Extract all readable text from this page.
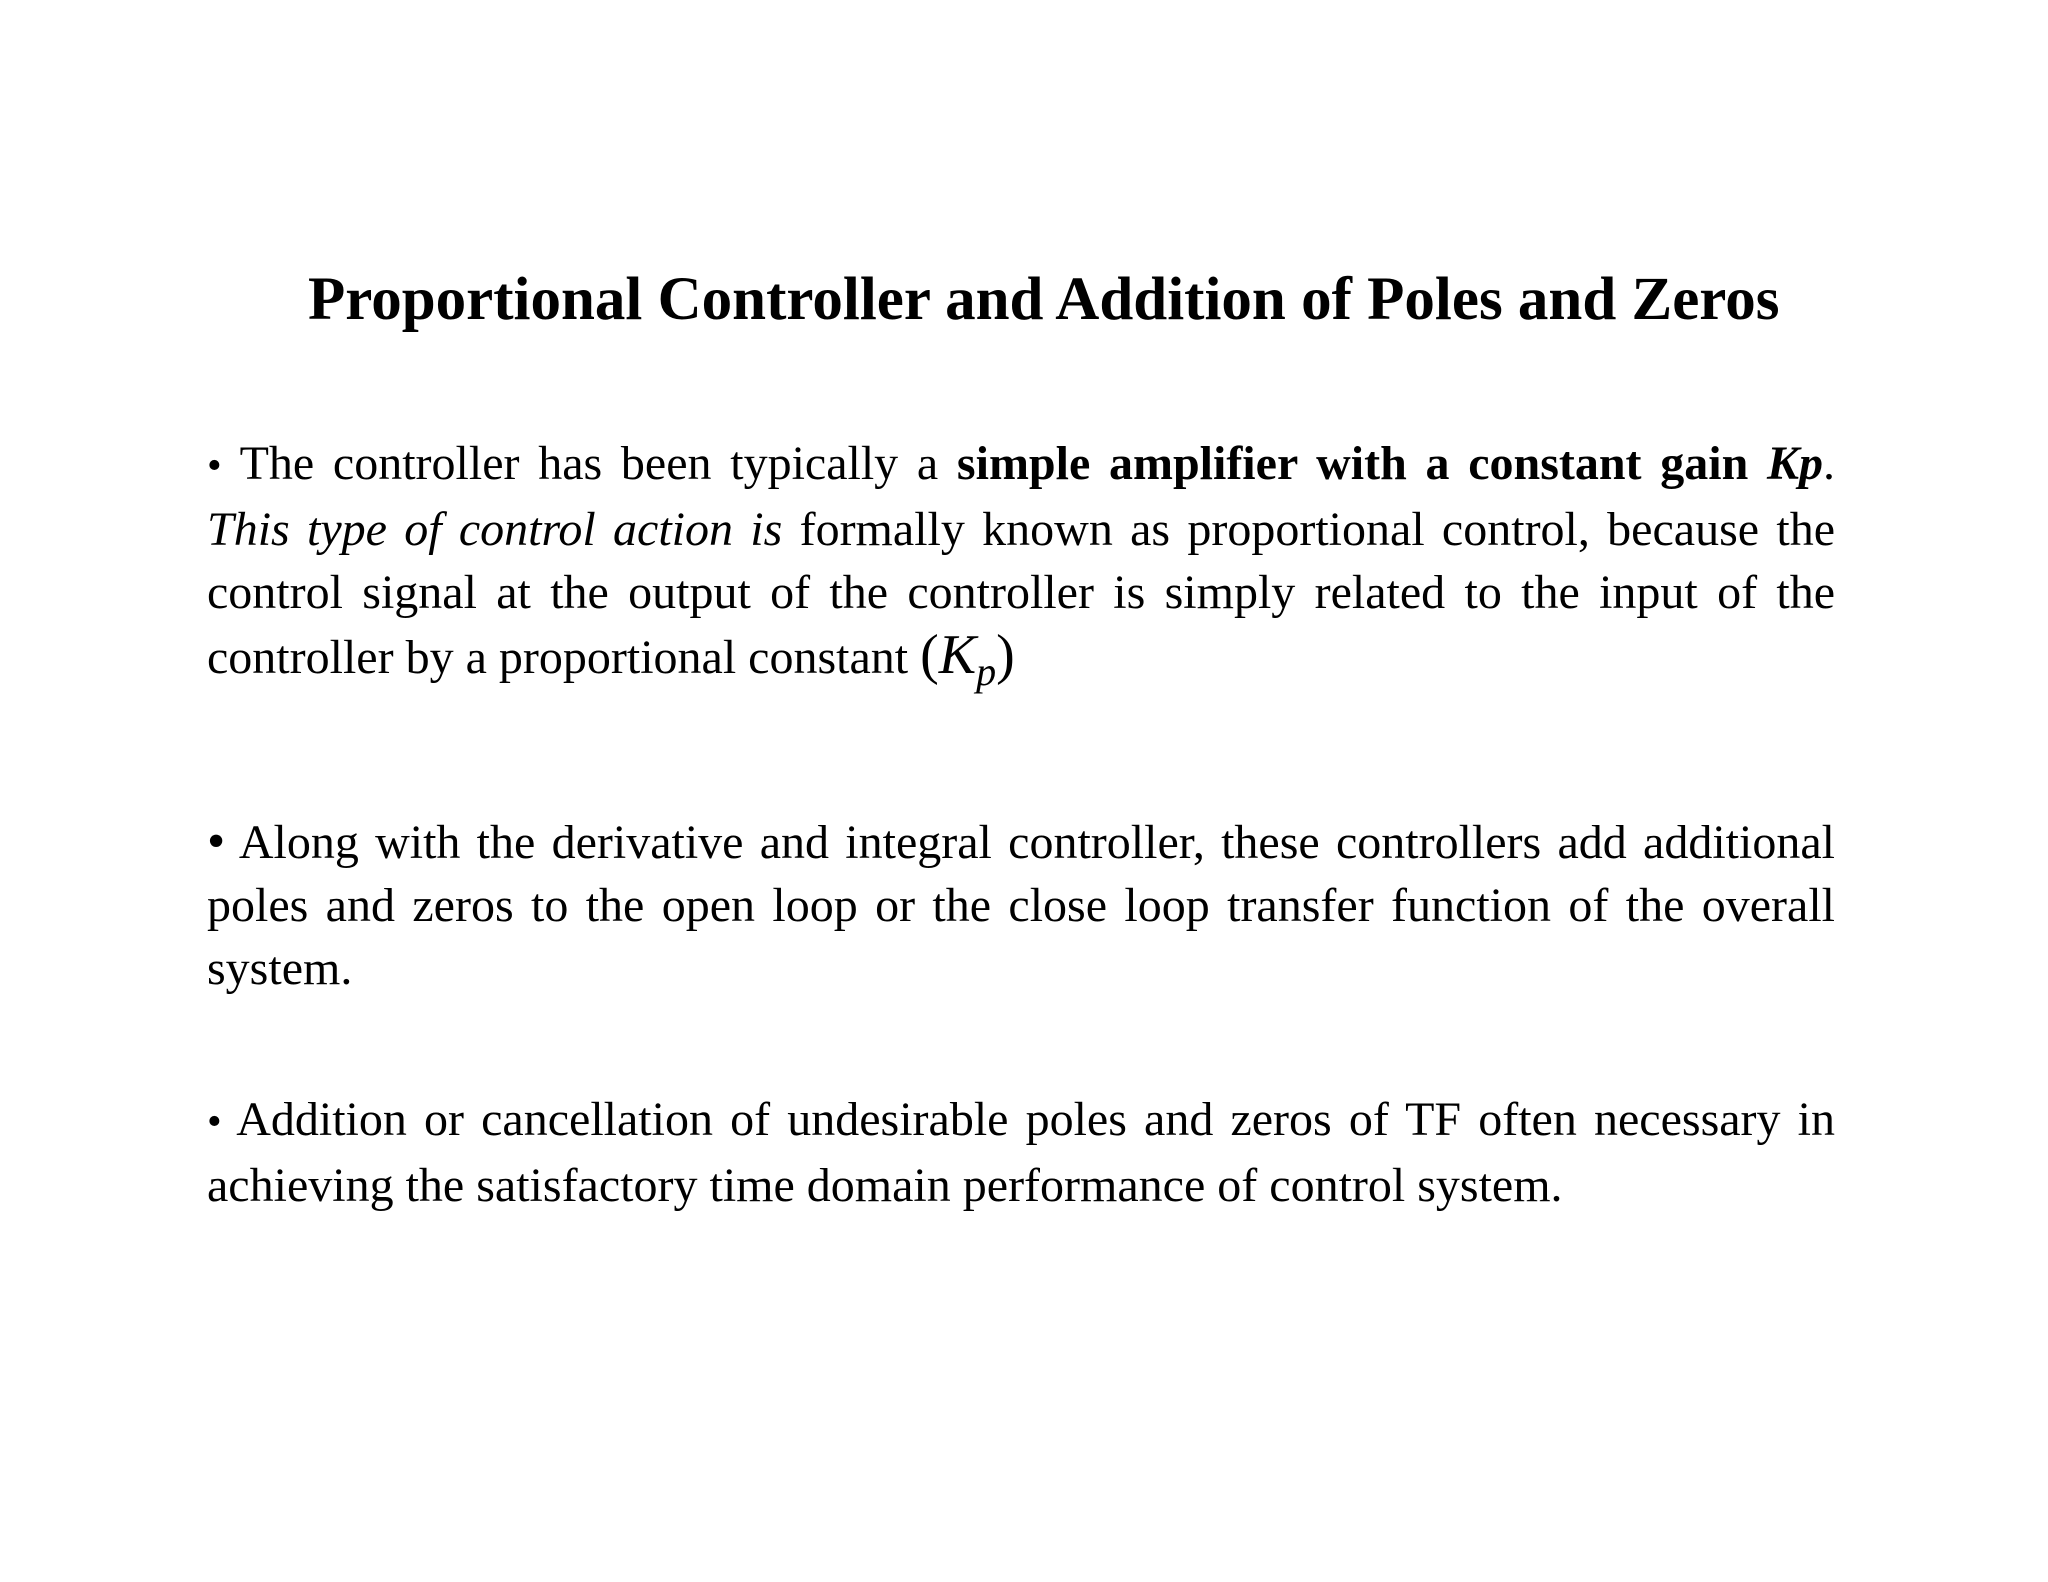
Proportional Controller and Addition of Poles and Zeros

• The controller has been typically a simple amplifier with a constant gain Kp. This type of control action is formally known as proportional control, because the control signal at the output of the controller is simply related to the input of the controller by a proportional constant $(K_p)$

• Along with the derivative and integral controller, these controllers add additional poles and zeros to the open loop or the close loop transfer function of the overall system.

• Addition or cancellation of undesirable poles and zeros of TF often necessary in achieving the satisfactory time domain performance of control system.
